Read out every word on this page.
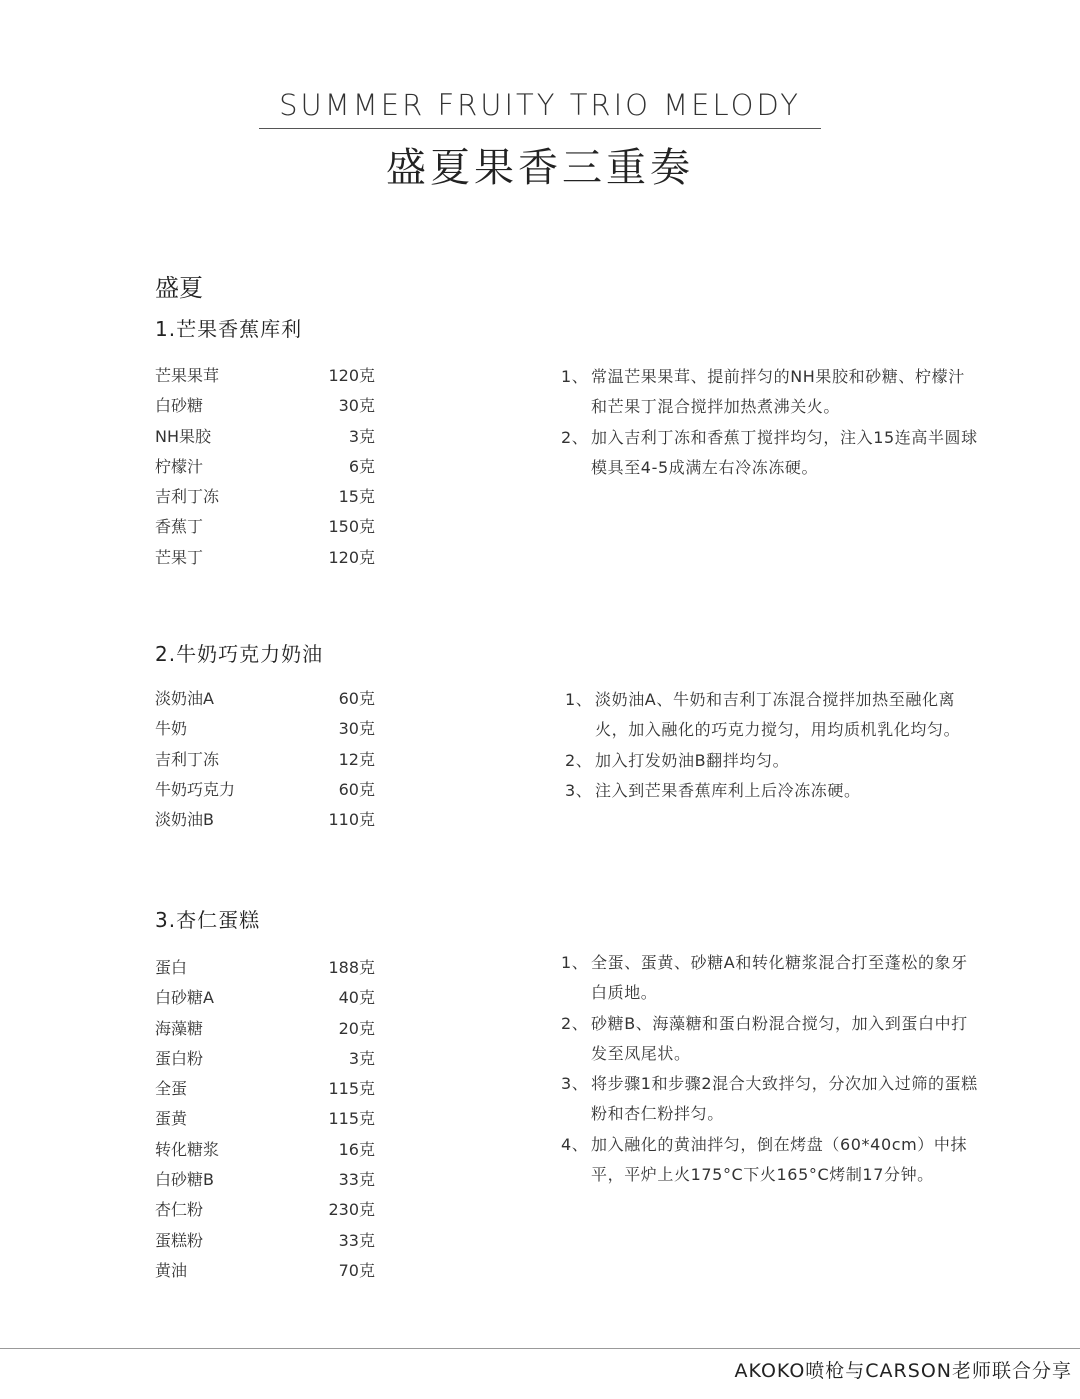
SUMMER FRUITY TRIO MELODY
盛夏果香三重奏
盛夏
1.芒果香蕉库利
芒果果茸	120克
白砂糖	30克
NH果胶	3克
柠檬汁	6克
吉利丁冻	15克
香蕉丁	150克
芒果丁	120克
1、 常温芒果果茸、提前拌匀的NH果胶和砂糖、柠檬汁和芒果丁混合搅拌加热煮沸关火。
2、 加入吉利丁冻和香蕉丁搅拌均匀，注入15连高半圆球模具至4-5成满左右冷冻冻硬。
2.牛奶巧克力奶油
淡奶油A	60克
牛奶	30克
吉利丁冻	12克
牛奶巧克力	60克
淡奶油B	110克
1、 淡奶油A、牛奶和吉利丁冻混合搅拌加热至融化离火，加入融化的巧克力搅匀，用均质机乳化均匀。
2、 加入打发奶油B翻拌均匀。
3、 注入到芒果香蕉库利上后冷冻冻硬。
3.杏仁蛋糕
蛋白	188克
白砂糖A	40克
海藻糖	20克
蛋白粉	3克
全蛋	115克
蛋黄	115克
转化糖浆	16克
白砂糖B	33克
杏仁粉	230克
蛋糕粉	33克
黄油	70克
1、 全蛋、蛋黄、砂糖A和转化糖浆混合打至蓬松的象牙白质地。
2、 砂糖B、海藻糖和蛋白粉混合搅匀，加入到蛋白中打发至凤尾状。
3、 将步骤1和步骤2混合大致拌匀，分次加入过筛的蛋糕粉和杏仁粉拌匀。
4、 加入融化的黄油拌匀，倒在烤盘（60*40cm）中抹平，平炉上火175°C下火165°C烤制17分钟。
AKOKO喷枪与CARSON老师联合分享
